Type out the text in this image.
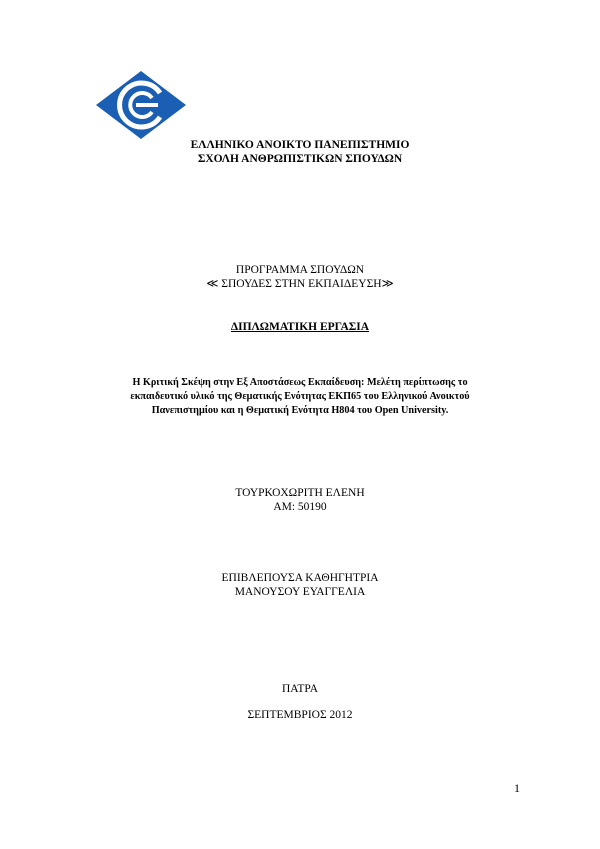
ΕΛΛΗΝΙΚΟ ΑΝΟΙΚΤΟ ΠΑΝΕΠΙΣΤΗΜΙΟ
ΣΧΟΛΗ ΑΝΘΡΩΠΙΣΤΙΚΩΝ ΣΠΟΥΔΩΝ
ΠΡΟΓΡΑΜΜΑ ΣΠΟΥΔΩΝ
≪ ΣΠΟΥΔΕΣ ΣΤΗΝ ΕΚΠΑΙΔΕΥΣΗ≫
ΔΙΠΛΩΜΑΤΙΚΗ ΕΡΓΑΣΙΑ
Η Κριτική Σκέψη στην Εξ Αποστάσεως Εκπαίδευση: Μελέτη περίπτωσης το
εκπαιδευτικό υλικό της Θεματικής Ενότητας ΕΚΠ65 του Ελληνικού Ανοικτού
Πανεπιστημίου και η Θεματική Ενότητα Η804 του Open University.
ΤΟΥΡΚΟΧΩΡΙΤΗ ΕΛΕΝΗ
ΑΜ: 50190
ΕΠΙΒΛΕΠΟΥΣΑ ΚΑΘΗΓΗΤΡΙΑ
ΜΑΝΟΥΣΟΥ ΕΥΑΓΓΕΛΙΑ
ΠΑΤΡΑ
ΣΕΠΤΕΜΒΡΙΟΣ 2012
1
